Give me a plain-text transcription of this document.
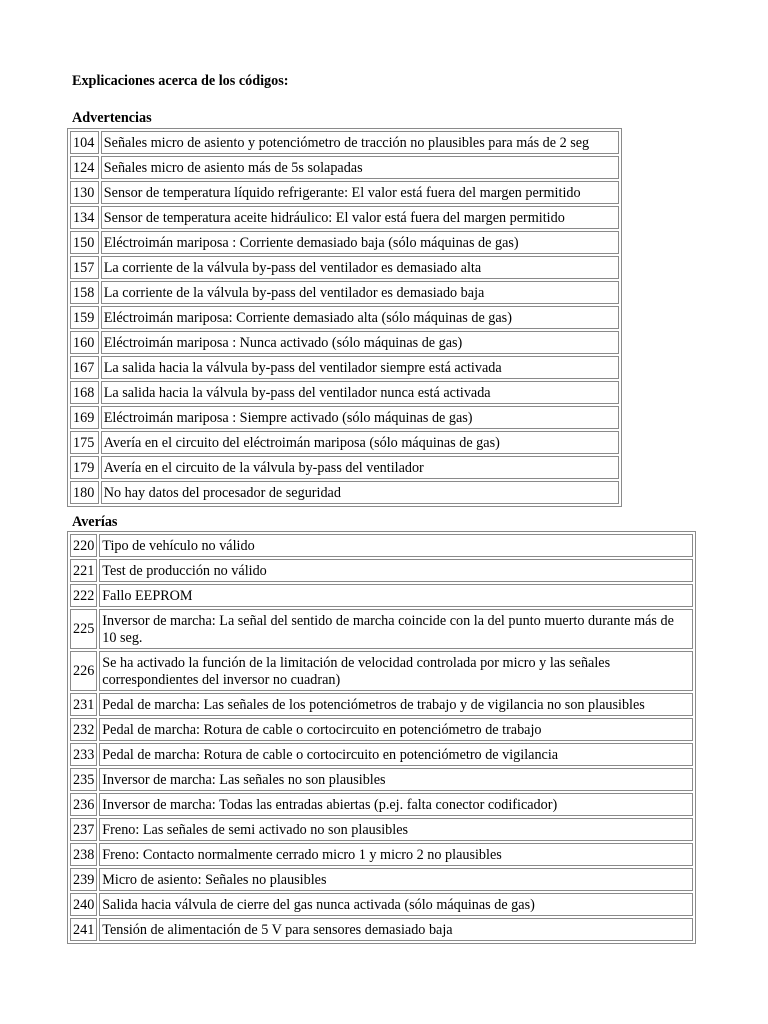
Explicaciones acerca de los códigos:
Advertencias
104	Señales micro de asiento y potenciómetro de tracción no plausibles para más de 2 seg
124	Señales micro de asiento más de 5s solapadas
130	Sensor de temperatura líquido refrigerante: El valor está fuera del margen permitido
134	Sensor de temperatura aceite hidráulico: El valor está fuera del margen permitido
150	Eléctroimán mariposa : Corriente demasiado baja (sólo máquinas de gas)
157	La corriente de la válvula by-pass del ventilador es demasiado alta
158	La corriente de la válvula by-pass del ventilador es demasiado baja
159	Eléctroimán mariposa: Corriente demasiado alta (sólo máquinas de gas)
160	Eléctroimán mariposa : Nunca activado (sólo máquinas de gas)
167	La salida hacia la válvula by-pass del ventilador siempre está activada
168	La salida hacia la válvula by-pass del ventilador nunca está activada
169	Eléctroimán mariposa : Siempre activado (sólo máquinas de gas)
175	Avería en el circuito del eléctroimán mariposa (sólo máquinas de gas)
179	Avería en el circuito de la válvula by-pass del ventilador
180	No hay datos del procesador de seguridad
Averías
220	Tipo de vehículo no válido
221	Test de producción no válido
222	Fallo EEPROM
225	Inversor de marcha: La señal del sentido de marcha coincide con la del punto muerto durante más de 10 seg.
226	Se ha activado la función de la limitación de velocidad controlada por micro y las señales correspondientes del inversor no cuadran)
231	Pedal de marcha: Las señales de los potenciómetros de trabajo y de vigilancia no son plausibles
232	Pedal de marcha: Rotura de cable o cortocircuito en potenciómetro de trabajo
233	Pedal de marcha: Rotura de cable o cortocircuito en potenciómetro de vigilancia
235	Inversor de marcha: Las señales no son plausibles
236	Inversor de marcha: Todas las entradas abiertas (p.ej. falta conector codificador)
237	Freno: Las señales de semi activado no son plausibles
238	Freno: Contacto normalmente cerrado micro 1 y micro 2 no plausibles
239	Micro de asiento: Señales no plausibles
240	Salida hacia válvula de cierre del gas nunca activada (sólo máquinas de gas)
241	Tensión de alimentación de 5 V para sensores demasiado baja
